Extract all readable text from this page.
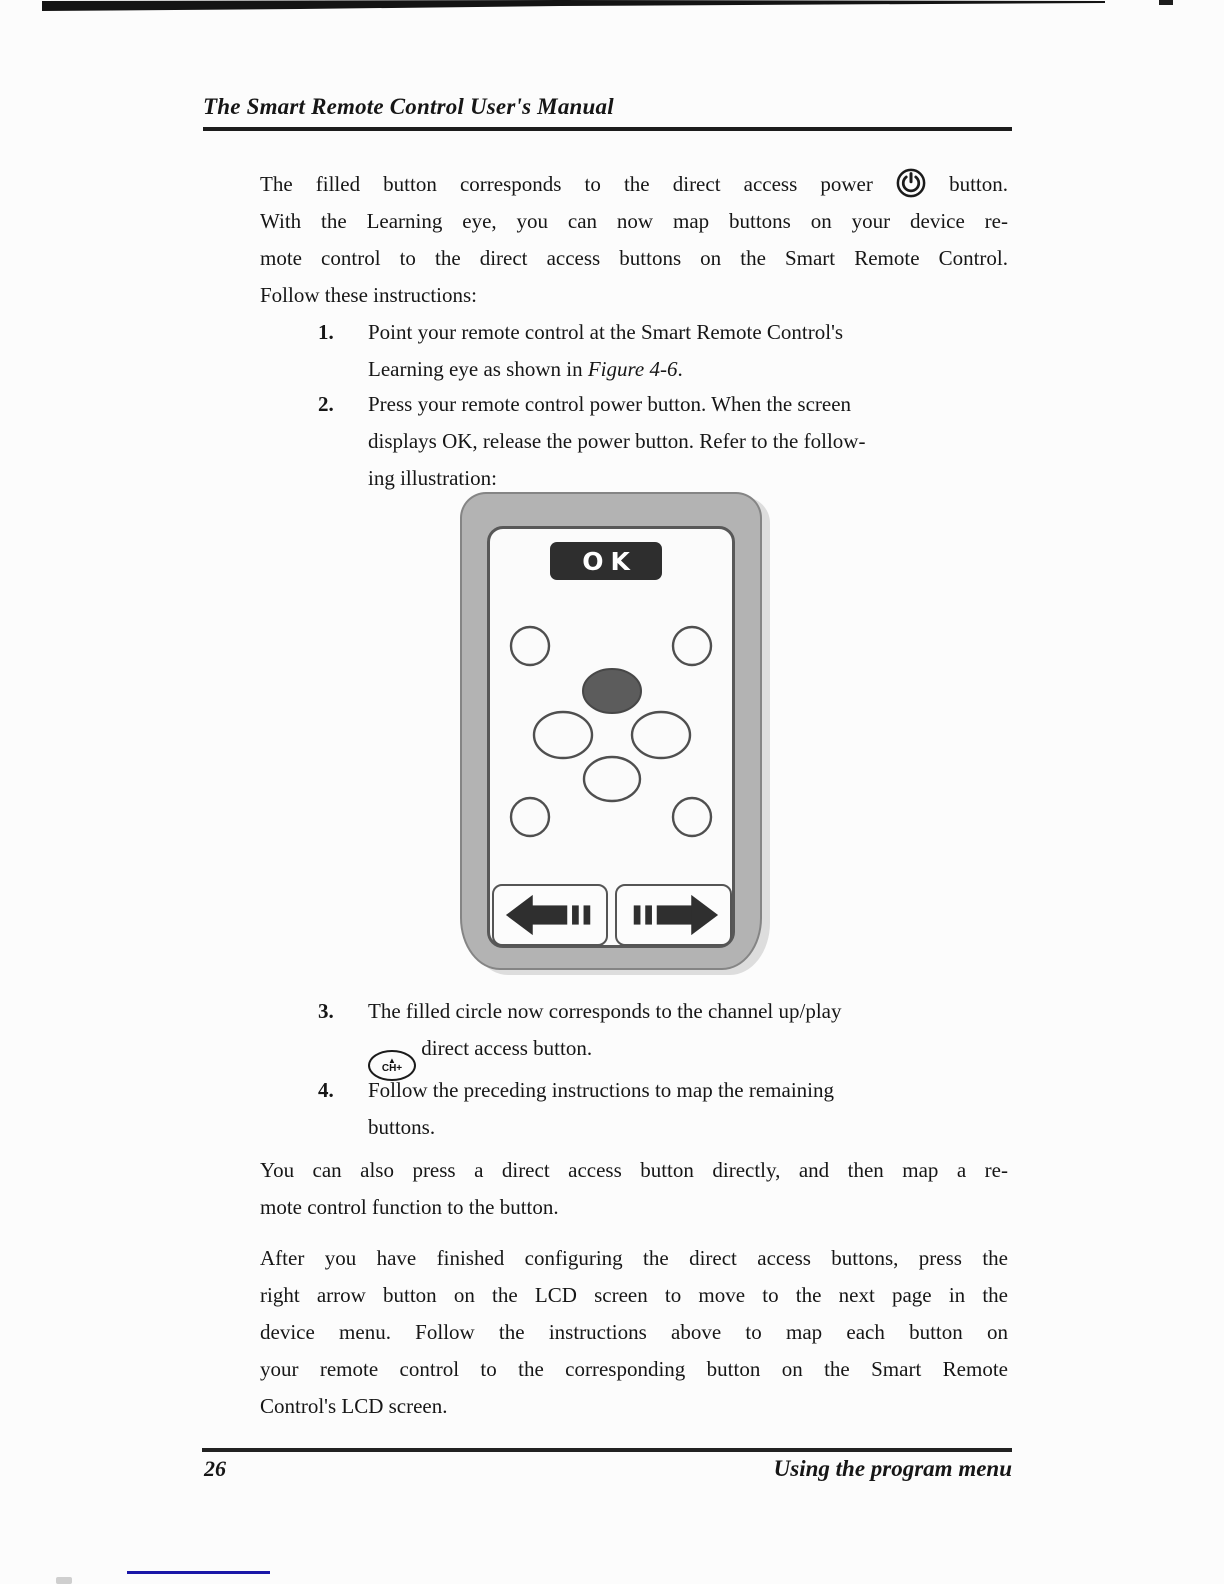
The Smart Remote Control User's Manual
The filled button corresponds to the direct access power	button.
With the Learning eye, you can now map buttons on your device re-
mote control to the direct access buttons on the Smart Remote Control.
Follow these instructions:
1.	Point your remote control at the Smart Remote Control's
Learning eye as shown in Figure 4-6.
2.	Press your remote control power button. When the screen
displays OK, release the power button. Refer to the follow-
ing illustration:
OK
3.	The filled circle now corresponds to the channel up/play
▲
CH+
direct access button.
4.	Follow the preceding instructions to map the remaining
buttons.
You can also press a direct access button directly, and then map a re-
mote control function to the button.
After you have finished configuring the direct access buttons, press the
right arrow button on the LCD screen to move to the next page in the
device menu. Follow the instructions above to map each button on
your remote control to the corresponding button on the Smart Remote
Control's LCD screen.
26	Using the program menu
